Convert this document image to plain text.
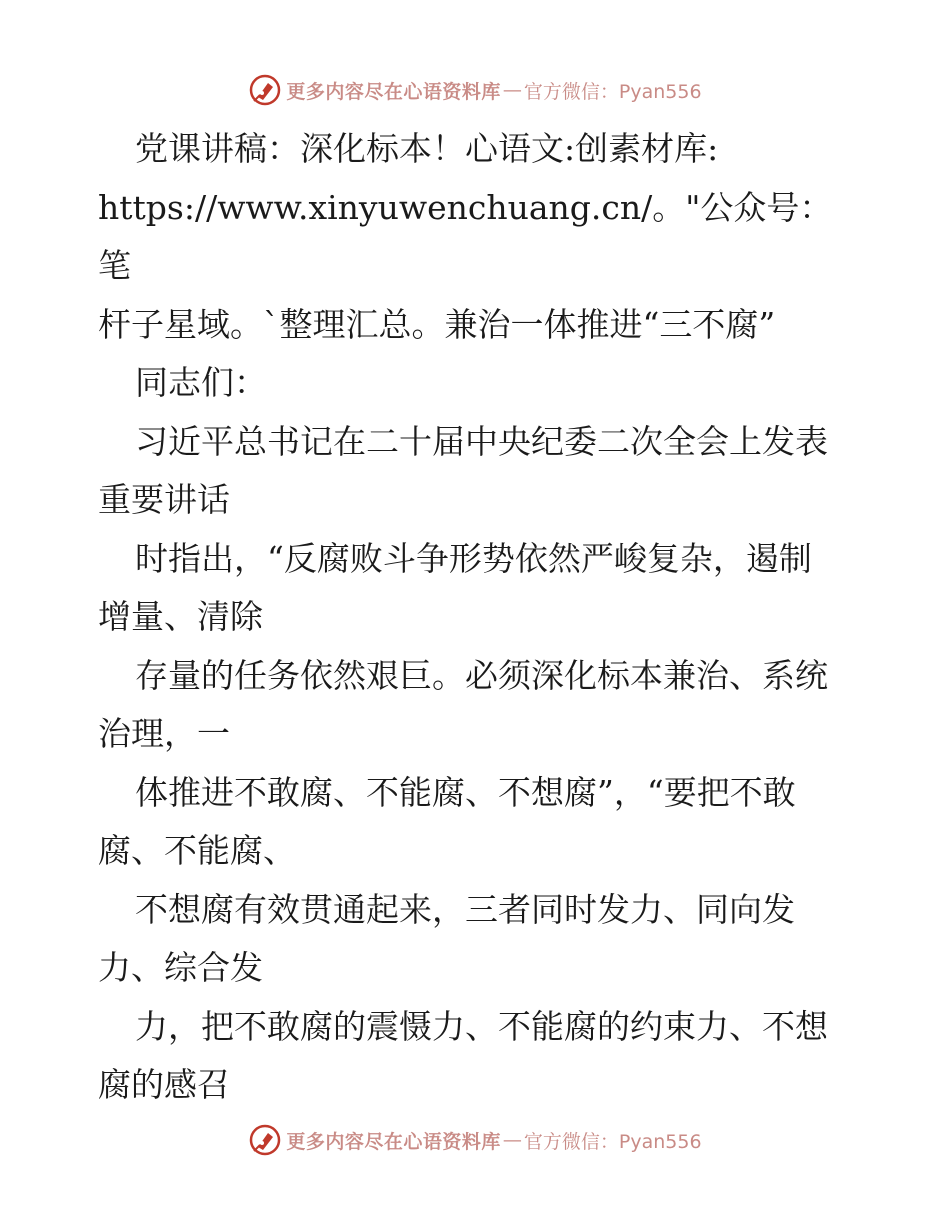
更多内容尽在心语资料库 — 官方微信：Pyan556

党课讲稿：深化标本！心语文:创素材库:

https://www.xinyuwenchuang.cn/。"公众号：笔

杆子星域。`整理汇总。兼治一体推进“三不腐”

同志们：

习近平总书记在二十届中央纪委二次全会上发表

重要讲话

时指出，“反腐败斗争形势依然严峻复杂，遏制

增量、清除

存量的任务依然艰巨。必须深化标本兼治、系统

治理，一

体推进不敢腐、不能腐、不想腐”，“要把不敢

腐、不能腐、

不想腐有效贯通起来，三者同时发力、同向发

力、综合发

力，把不敢腐的震慑力、不能腐的约束力、不想

腐的感召

更多内容尽在心语资料库 — 官方微信：Pyan556
